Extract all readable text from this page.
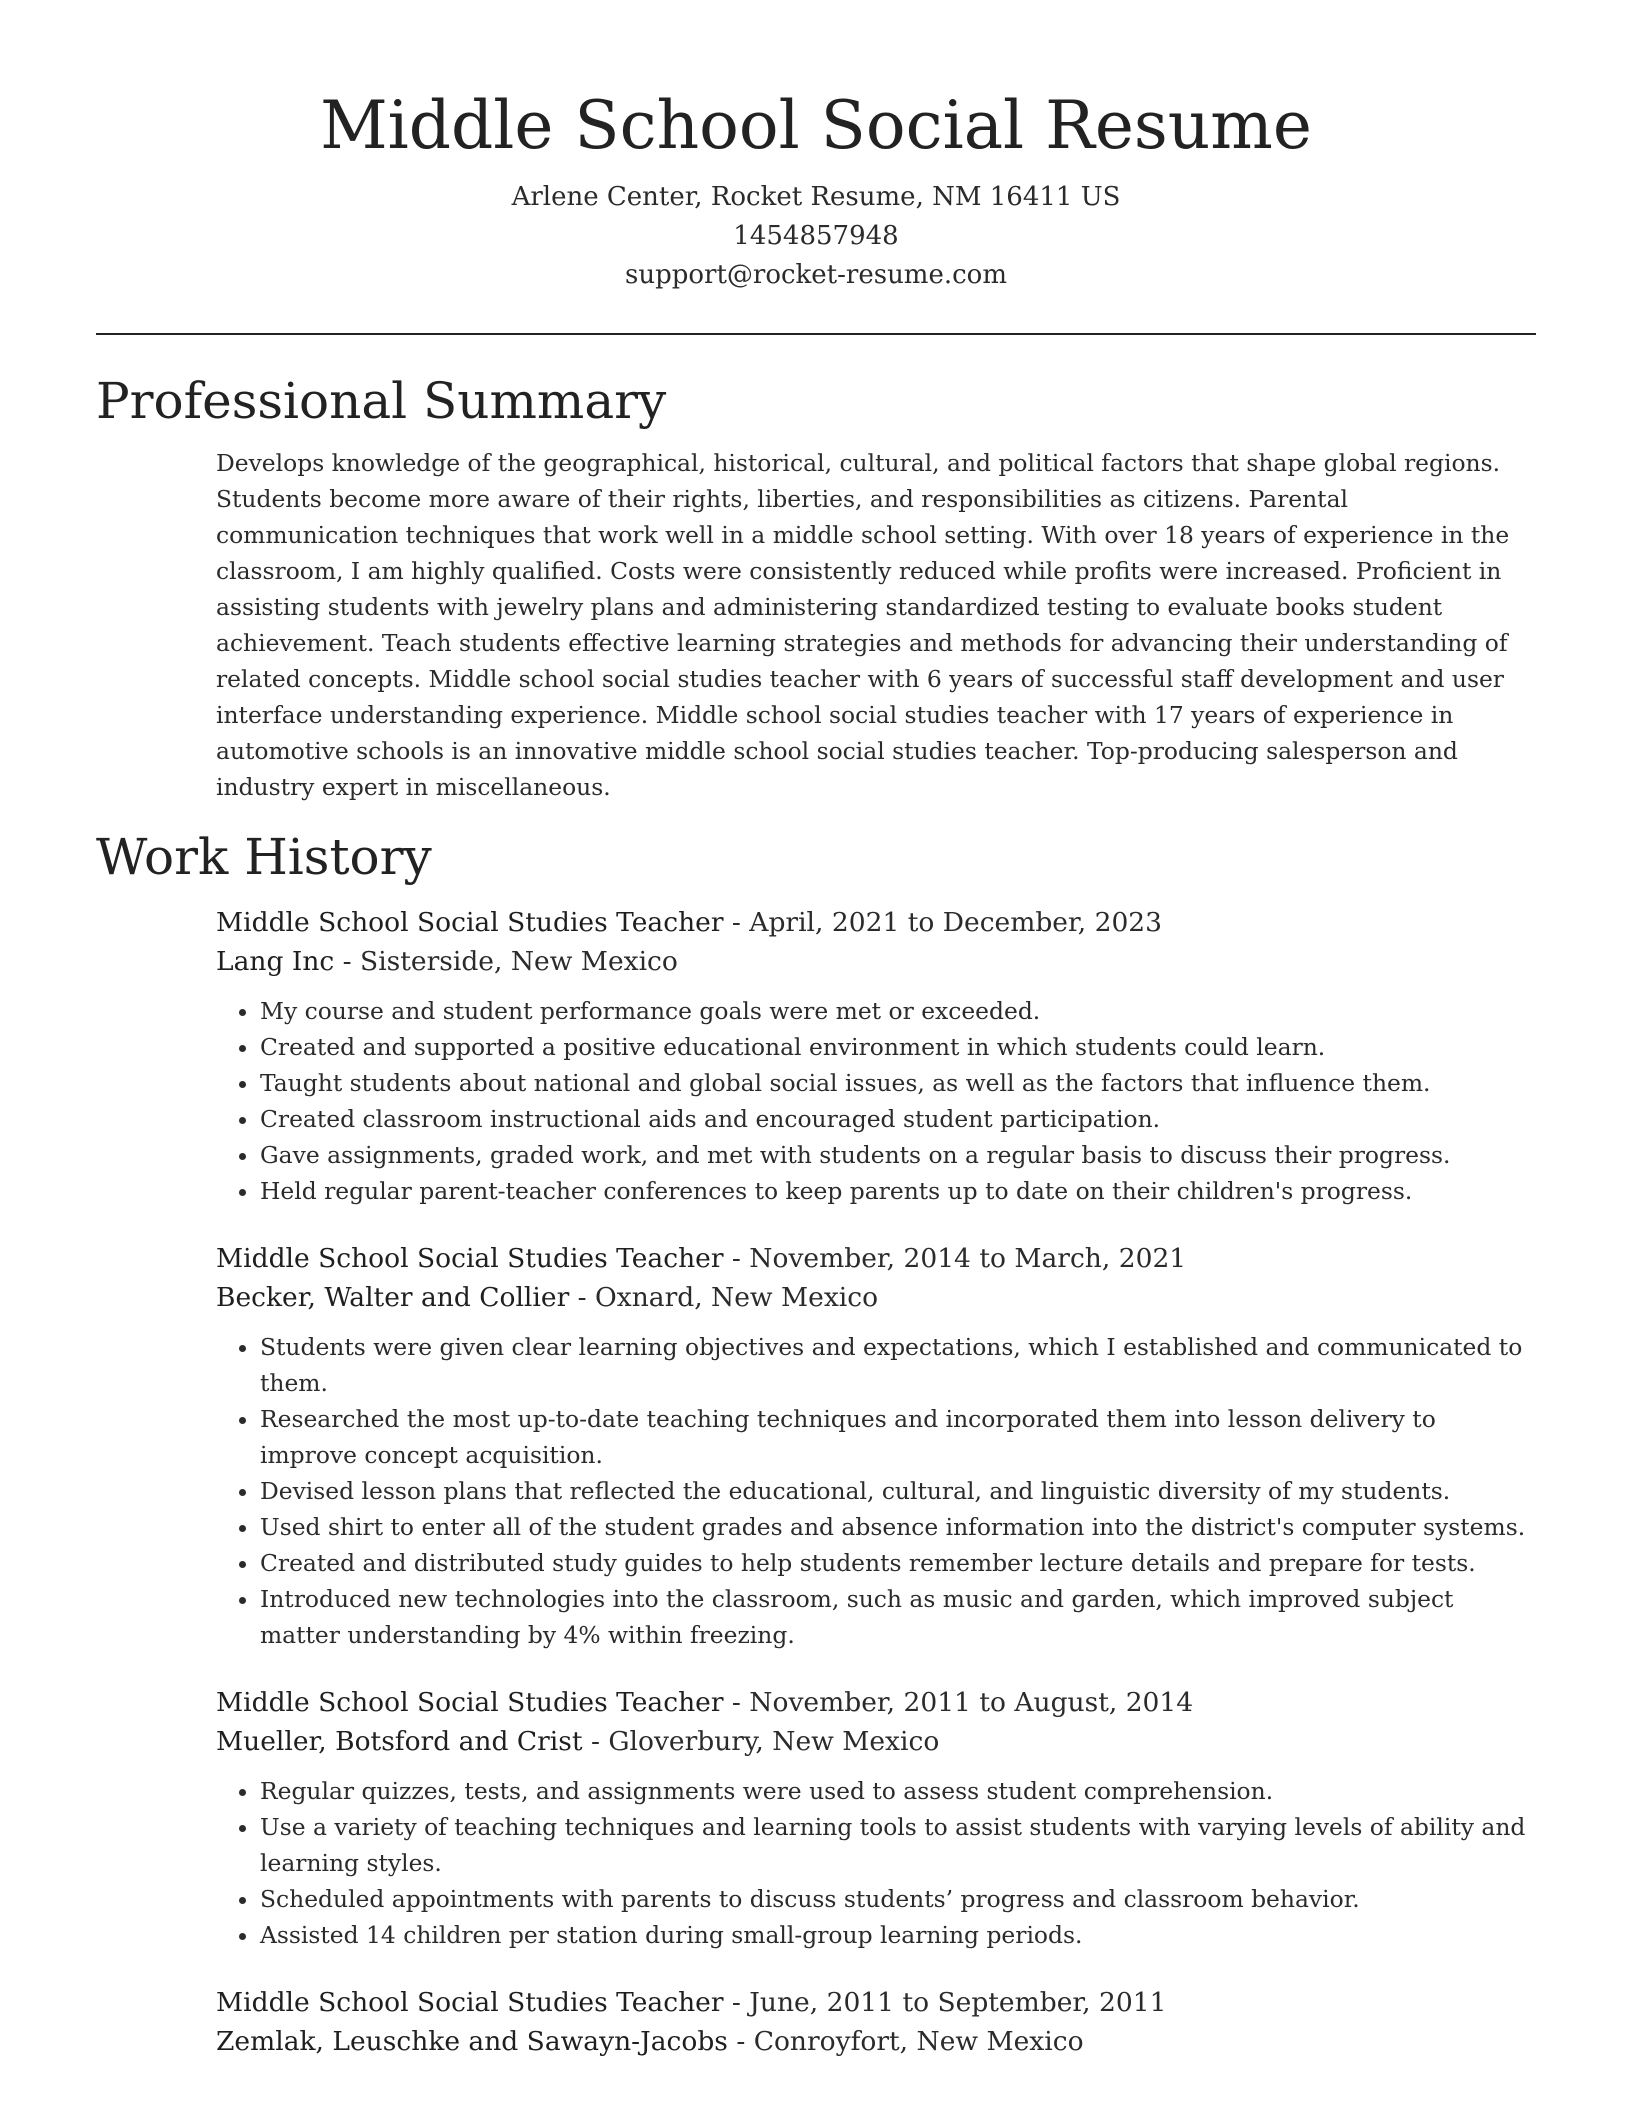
Middle School Social Resume
Arlene Center, Rocket Resume, NM 16411 US
1454857948
support@rocket-resume.com
Professional Summary
Develops knowledge of the geographical, historical, cultural, and political factors that shape global regions. Students become more aware of their rights, liberties, and responsibilities as citizens. Parental communication techniques that work well in a middle school setting. With over 18 years of experience in the classroom, I am highly qualified. Costs were consistently reduced while profits were increased. Proficient in assisting students with jewelry plans and administering standardized testing to evaluate books student achievement. Teach students effective learning strategies and methods for advancing their understanding of related concepts. Middle school social studies teacher with 6 years of successful staff development and user interface understanding experience. Middle school social studies teacher with 17 years of experience in automotive schools is an innovative middle school social studies teacher. Top-producing salesperson and industry expert in miscellaneous.
Work History
Middle School Social Studies Teacher - April, 2021 to December, 2023
Lang Inc - Sisterside, New Mexico
• My course and student performance goals were met or exceeded.
• Created and supported a positive educational environment in which students could learn.
• Taught students about national and global social issues, as well as the factors that influence them.
• Created classroom instructional aids and encouraged student participation.
• Gave assignments, graded work, and met with students on a regular basis to discuss their progress.
• Held regular parent-teacher conferences to keep parents up to date on their children's progress.
Middle School Social Studies Teacher - November, 2014 to March, 2021
Becker, Walter and Collier - Oxnard, New Mexico
• Students were given clear learning objectives and expectations, which I established and communicated to them.
• Researched the most up-to-date teaching techniques and incorporated them into lesson delivery to improve concept acquisition.
• Devised lesson plans that reflected the educational, cultural, and linguistic diversity of my students.
• Used shirt to enter all of the student grades and absence information into the district's computer systems.
• Created and distributed study guides to help students remember lecture details and prepare for tests.
• Introduced new technologies into the classroom, such as music and garden, which improved subject matter understanding by 4% within freezing.
Middle School Social Studies Teacher - November, 2011 to August, 2014
Mueller, Botsford and Crist - Gloverbury, New Mexico
• Regular quizzes, tests, and assignments were used to assess student comprehension.
• Use a variety of teaching techniques and learning tools to assist students with varying levels of ability and learning styles.
• Scheduled appointments with parents to discuss students’ progress and classroom behavior.
• Assisted 14 children per station during small-group learning periods.
Middle School Social Studies Teacher - June, 2011 to September, 2011
Zemlak, Leuschke and Sawayn-Jacobs - Conroyfort, New Mexico
